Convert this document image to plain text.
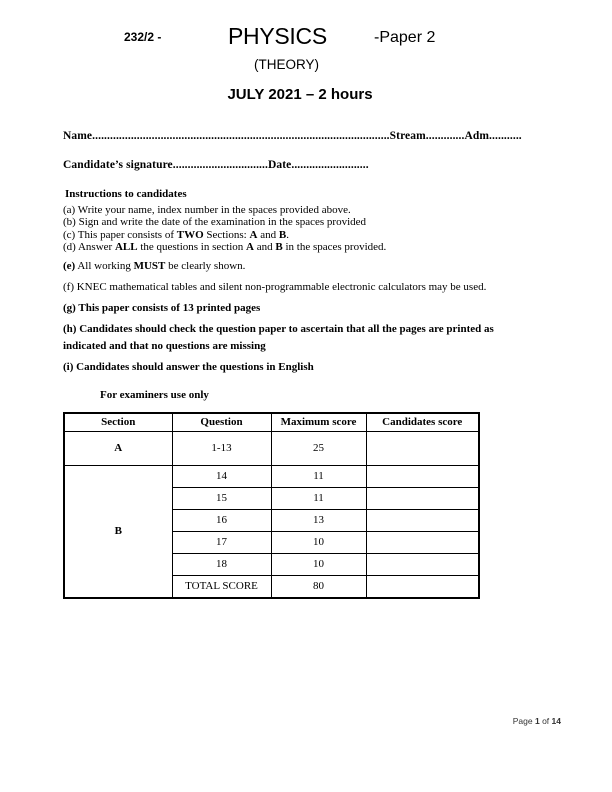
232/2 -	PHYSICS	-Paper 2
(THEORY)
JULY 2021 – 2 hours

Name....................................................................................................Stream.............Adm...........

Candidate’s signature................................Date..........................

Instructions to candidates

(a) Write your name, index number in the spaces provided above.

(b) Sign and write the date of the examination in the spaces provided

(c) This paper consists of TWO Sections: A and B.

(d) Answer ALL the questions in section A and B in the spaces provided.

(e) All working MUST be clearly shown.

(f) KNEC mathematical tables and silent non-programmable electronic calculators may be used.

(g) This paper consists of 13 printed pages

(h) Candidates should check the question paper to ascertain that all the pages are printed as
indicated and that no questions are missing

(i) Candidates should answer the questions in English

For examiners use only

Section	Question	Maximum score	Candidates score
A	1-13	25	
B	14	11	
	15	11	
	16	13	
	17	10	
	18	10	
	TOTAL SCORE	80	
Page 1 of 14
